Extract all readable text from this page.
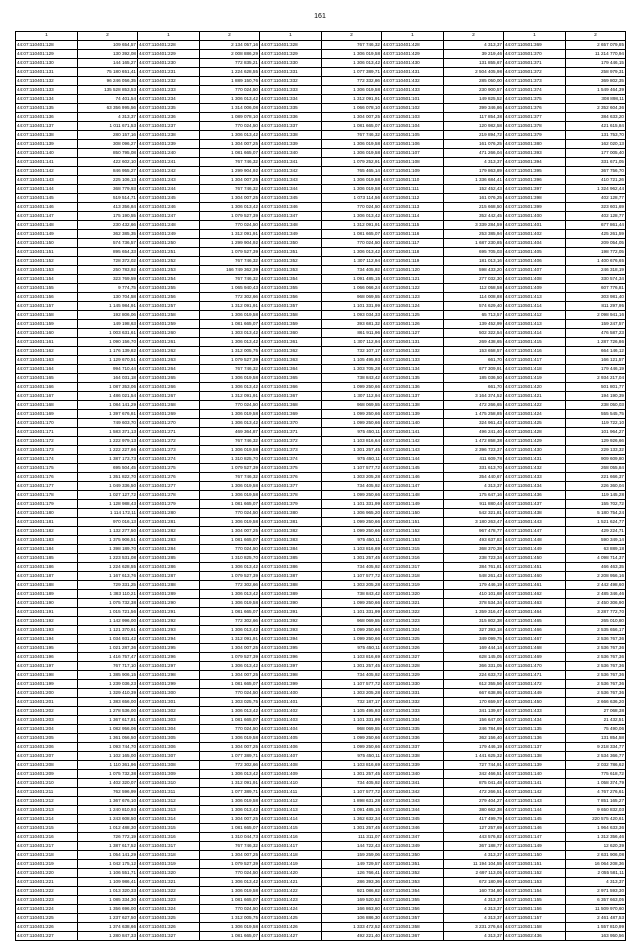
161
1	2	1	2	1	2	1	2	1	2
44:07:110401:128	109 654,57	44:07:110401:228	2 134 057,16	44:07:110401:328	767 746,32	44:07:110401:428	4 313,37	44:07:110501:369	2 657 079,85
44:07:110401:129	130 392,08	44:07:110401:229	2 008 886,29	44:07:110401:329	1 306 019,58	44:07:110401:429	39 219,46	44:07:110501:370	11 214 770,94
44:07:110401:130	144 165,27	44:07:110401:230	772 835,21	44:07:110401:330	1 306 013,42	44:07:110401:430	131 855,67	44:07:110501:371	179 446,15
44:07:110401:131	75 180 651,41	44:07:110401:231	1 224 628,55	44:07:110401:331	1 077 389,71	44:07:110401:431	2 504 405,98	44:07:110501:372	258 979,31
44:07:110401:132	96 246 056,35	44:07:110401:232	1 889 150,76	44:07:110401:332	772 332,86	44:07:110401:432	285 050,00	44:07:110501:373	369 802,35
44:07:110401:133	135 528 853,53	44:07:110401:233	770 024,50	44:07:110401:333	1 306 019,58	44:07:110401:433	230 900,57	44:07:110501:374	1 549 464,39
44:07:110401:134	74 401,54	44:07:110401:234	1 306 013,42	44:07:110401:334	1 312 091,91	44:07:110501:101	149 825,52	44:07:110501:375	308 898,11
44:07:110401:135	63 356 995,56	44:07:110401:235	1 314 006,08	44:07:110401:335	1 066 078,10	44:07:110501:102	399 346,86	44:07:110501:376	2 352 604,36
44:07:110401:136	4 313,37	44:07:110401:236	1 089 078,10	44:07:110401:336	1 304 007,25	44:07:110501:103	117 854,38	44:07:110501:377	384 633,20
44:07:110401:137	1 011 671,53	44:07:110401:237	770 024,50	44:07:110401:337	1 081 665,07	44:07:110501:104	120 982,58	44:07:110501:378	421 615,84
44:07:110401:138	280 157,16	44:07:110401:238	1 306 013,42	44:07:110401:338	767 746,32	44:07:110501:105	219 894,72	44:07:110501:379	131 753,70
44:07:110401:139	308 096,27	44:07:110401:239	1 304 007,25	44:07:110401:339	1 306 019,58	44:07:110501:106	161 076,25	44:07:110501:380	162 020,13
44:07:110401:140	850 795,08	44:07:110401:240	1 081 665,07	44:07:110401:340	1 306 019,58	44:07:110501:107	471 266,04	44:07:110501:393	177 005,40
44:07:110401:141	422 602,10	44:07:110401:241	767 746,32	44:07:110401:341	1 079 252,91	44:07:110501:108	4 313,37	44:07:110501:394	331 671,05
44:07:110401:142	846 955,27	44:07:110401:242	1 299 904,92	44:07:110401:342	765 465,14	44:07:110501:109	179 863,89	44:07:110501:395	367 756,70
44:07:110401:143	225 106,13	44:07:110401:243	1 304 007,25	44:07:110401:343	1 306 019,58	44:07:110501:110	1 336 684,41	44:07:110501:396	410 721,26
44:07:110401:144	368 779,93	44:07:110401:244	767 746,32	44:07:110401:344	1 306 019,58	44:07:110501:111	152 452,43	44:07:110501:397	1 324 962,44
44:07:110401:145	519 514,71	44:07:110401:245	1 304 007,25	44:07:110401:345	1 073 114,56	44:07:110501:112	161 076,25	44:07:110501:398	402 128,77
44:07:110401:146	413 356,84	44:07:110401:246	1 306 013,42	44:07:110401:346	770 024,50	44:07:110501:113	215 668,50	44:07:110501:399	323 601,69
44:07:110401:147	175 190,55	44:07:110401:247	1 079 527,39	44:07:110401:347	1 306 013,42	44:07:110501:114	352 442,45	44:07:110501:400	402 128,77
44:07:110401:148	230 432,66	44:07:110401:248	770 024,50	44:07:110401:348	1 312 091,91	44:07:110501:115	3 339 284,59	44:07:110501:401	677 861,44
44:07:110401:149	362 385,35	44:07:110401:249	1 312 091,91	44:07:110401:349	1 081 665,07	44:07:110501:116	253 385,94	44:07:110501:402	425 261,59
44:07:110401:150	574 736,57	44:07:110401:250	1 299 904,92	44:07:110401:350	770 024,50	44:07:110501:117	1 687 230,85	44:07:110501:404	209 054,05
44:07:110401:151	895 654,33	44:07:110401:251	1 079 527,39	44:07:110401:351	1 306 013,42	44:07:110501:118	695 705,03	44:07:110501:405	198 772,05
44:07:110401:152	728 372,02	44:07:110401:252	767 746,32	44:07:110401:352	1 307 112,94	44:07:110501:119	181 013,16	44:07:110501:406	1 400 676,65
44:07:110401:153	250 783,92	44:07:110401:253	166 749 362,39	44:07:110401:353	734 405,92	44:07:110501:120	598 433,20	44:07:110501:407	246 318,19
44:07:110401:154	323 769,59	44:07:110401:254	767 746,32	44:07:110401:354	1 091 485,15	44:07:110501:121	277 032,30	44:07:110501:408	330 574,34
44:07:110401:155	9 774,75	44:07:110401:255	1 065 940,43	44:07:110401:355	1 066 066,24	44:07:110501:122	112 058,58	44:07:110501:409	607 776,81
44:07:110401:156	130 704,58	44:07:110401:256	772 302,66	44:07:110401:356	968 069,55	44:07:110501:123	114 008,88	44:07:110501:413	303 981,40
44:07:110401:157	1 145 984,91	44:07:110401:257	1 312 091,91	44:07:110401:357	1 101 331,99	44:07:110501:124	574 629,40	44:07:110501:414	811 297,95
44:07:110401:158	192 806,06	44:07:110401:258	1 306 019,58	44:07:110401:358	1 093 034,33	44:07:110501:125	65 713,57	44:07:110501:412	2 098 941,16
44:07:110401:159	149 198,63	44:07:110401:259	1 081 665,07	44:07:110401:359	393 681,32	44:07:110501:126	139 452,99	44:07:110501:413	159 247,57
44:07:110401:160	1 003 631,61	44:07:110401:260	1 303 013,42	44:07:110401:360	861 911,96	44:07:110501:127	502 322,54	44:07:110501:414	476 587,23
44:07:110401:161	1 090 156,70	44:07:110401:261	1 306 013,42	44:07:110401:361	1 307 112,94	44:07:110501:131	269 438,65	44:07:110501:415	1 287 726,86
44:07:110401:162	1 176 139,82	44:07:110401:262	1 312 005,75	44:07:110401:362	732 107,17	44:07:110501:132	153 658,57	44:07:110501:416	664 146,12
44:07:110401:163	1 129 670,51	44:07:110401:263	1 079 527,39	44:07:110401:363	1 105 495,93	44:07:110501:133	661,70	44:07:110501:417	166 121,57
44:07:110401:164	994 710,44	44:07:110401:264	767 746,32	44:07:110401:364	1 303 705,28	44:07:110501:134	677 309,91	44:07:110501:418	179 446,19
44:07:110401:165	164 031,18	44:07:110401:265	1 306 019,58	44:07:110401:365	738 843,42	44:07:110501:135	185 036,50	44:07:110501:419	2 934 217,04
44:07:110401:166	1 087 353,06	44:07:110401:266	1 306 013,42	44:07:110401:366	1 099 250,66	44:07:110501:136	661,70	44:07:110501:420	501 801,77
44:07:110401:167	1 486 021,54	44:07:110401:267	1 312 091,91	44:07:110401:367	1 307 112,94	44:07:110501:137	3 164 374,52	44:07:110501:421	194 190,39
44:07:110401:168	1 084 141,29	44:07:110401:268	770 024,50	44:07:110401:368	968 069,55	44:07:110501:138	472 266,65	44:07:110501:422	238 050,03
44:07:110401:169	1 397 676,81	44:07:110401:269	1 306 019,58	44:07:110401:369	1 099 250,66	44:07:110501:139	1 475 258,85	44:07:110501:424	555 545,75
44:07:110401:170	749 603,70	44:07:110401:270	1 306 013,42	44:07:110401:370	1 099 250,66	44:07:110501:140	324 961,43	44:07:110501:425	119 722,10
44:07:110401:171	1 583 371,13	44:07:110401:271	469 364,87	44:07:110401:371	975 450,11	44:07:110501:141	496 241,40	44:07:110501:428	101 964,27
44:07:110401:172	1 222 979,13	44:07:110401:272	767 746,32	44:07:110401:372	1 103 816,64	44:07:110501:142	1 472 858,38	44:07:110501:429	129 926,66
44:07:110401:173	1 222 227,66	44:07:110401:273	1 306 019,58	44:07:110401:373	1 301 257,45	44:07:110501:143	2 396 723,37	44:07:110501:430	229 133,32
44:07:110401:174	1 387 173,73	44:07:110401:274	1 310 825,70	44:07:110401:374	975 450,11	44:07:110501:144	411 609,78	44:07:110501:431	909 609,80
44:07:110401:175	695 504,45	44:07:110401:275	1 079 527,39	44:07:110401:375	1 107 577,72	44:07:110501:145	331 613,70	44:07:110501:432	268 055,84
44:07:110401:176	1 351 822,70	44:07:110401:276	767 746,32	44:07:110401:376	1 303 205,28	44:07:110501:146	354 440,67	44:07:110501:433	221 666,37
44:07:110401:177	1 049 336,50	44:07:110401:277	1 306 019,58	44:07:110401:377	734 405,92	44:07:110501:147	4 313,37	44:07:110501:434	226 360,04
44:07:110401:178	1 027 127,72	44:07:110401:278	1 306 019,58	44:07:110401:378	1 099 250,66	44:07:110501:148	175 647,16	44:07:110501:436	119 145,28
44:07:110401:179	1 128 988,43	44:07:110401:279	1 081 665,07	44:07:110401:379	1 101 331,99	44:07:110501:149	911 880,44	44:07:110501:437	155 702,72
44:07:110401:180	1 114 172,11	44:07:110401:280	770 024,50	44:07:110401:380	1 306 965,20	44:07:110501:150	542 321,81	44:07:110501:438	5 180 754,24
44:07:110401:181	970 016,13	44:07:110401:281	1 306 019,58	44:07:110401:381	1 099 250,66	44:07:110501:151	3 180 263,47	44:07:110501:443	1 521 624,77
44:07:110401:182	1 132 277,50	44:07:110401:282	1 304 007,25	44:07:110401:382	1 099 250,66	44:07:110501:152	967 478,77	44:07:110501:447	429 224,71
44:07:110401:183	1 375 906,51	44:07:110401:283	1 081 665,07	44:07:110401:383	975 450,11	44:07:110501:153	493 637,82	44:07:110501:448	590 349,14
44:07:110401:184	1 398 189,70	44:07:110401:284	770 024,50	44:07:110401:384	1 103 816,69	44:07:110501:315	368 370,38	44:07:110501:449	63 889,18
44:07:110401:185	1 223 531,08	44:07:110401:285	1 310 825,70	44:07:110401:385	1 301 257,45	44:07:110501:316	238 723,34	44:07:110501:450	4 098 714,37
44:07:110401:186	1 224 628,55	44:07:110401:286	1 306 013,42	44:07:110401:386	734 405,92	44:07:110501:317	384 761,81	44:07:110501:451	466 463,35
44:07:110401:187	1 167 613,76	44:07:110401:287	1 079 527,39	44:07:110401:387	1 107 577,72	44:07:110501:318	548 261,43	44:07:110501:460	2 208 956,16
44:07:110401:188	729 331,25	44:07:110401:288	772 302,66	44:07:110401:388	1 303 205,28	44:07:110501:319	179 446,19	44:07:110501:461	2 442 498,60
44:07:110401:189	1 383 110,21	44:07:110401:289	1 306 013,42	44:07:110401:389	738 843,42	44:07:110501:320	410 101,68	44:07:110501:462	2 485 346,46
44:07:110401:190	1 075 732,38	44:07:110401:290	1 306 019,58	44:07:110401:390	1 099 250,66	44:07:110501:321	378 534,34	44:07:110501:463	2 450 306,90
44:07:110401:191	1 015 721,56	44:07:110401:291	1 081 665,07	44:07:110401:391	1 101 331,99	44:07:110501:322	1 359 316,47	44:07:110501:464	3 287 772,70
44:07:110401:192	1 142 996,00	44:07:110401:292	772 302,66	44:07:110401:392	968 069,55	44:07:110501:323	315 802,38	44:07:110501:465	265 010,80
44:07:110401:193	1 121 370,61	44:07:110401:293	1 306 013,42	44:07:110401:393	1 099 250,66	44:07:110501:324	327 393,18	44:07:110501:466	2 535 656,17
44:07:110401:194	1 034 931,42	44:07:110401:294	1 312 091,91	44:07:110401:394	1 099 250,66	44:07:110501:325	349 099,75	44:07:110501:467	2 536 767,36
44:07:110401:195	1 021 287,36	44:07:110401:295	1 304 007,25	44:07:110401:395	975 450,11	44:07:110501:326	169 444,14	44:07:110501:468	2 536 767,36
44:07:110401:196	1 416 757,47	44:07:110401:296	1 079 527,39	44:07:110401:396	1 103 816,69	44:07:110501:327	628 145,05	44:07:110501:469	2 536 767,36
44:07:110401:197	767 717,10	44:07:110401:297	1 306 013,42	44:07:110401:397	1 301 257,45	44:07:110501:328	366 331,05	44:07:110501:470	2 536 767,36
44:07:110401:198	1 385 906,15	44:07:110401:298	1 304 007,25	44:07:110401:398	734 405,92	44:07:110501:329	224 633,72	44:07:110501:471	2 536 767,36
44:07:110401:199	1 239 036,23	44:07:110401:299	1 081 665,07	44:07:110401:399	1 107 577,72	44:07:110501:330	612 355,56	44:07:110501:472	2 536 767,36
44:07:110401:200	1 329 410,39	44:07:110401:300	770 024,50	44:07:110401:400	1 303 205,28	44:07:110501:331	667 638,95	44:07:110501:449	2 536 767,36
44:07:110401:201	1 383 656,00	44:07:110401:301	1 303 025,75	44:07:110401:401	732 187,17	44:07:110501:332	170 659,57	44:07:110501:450	2 666 636,20
44:07:110401:202	1 278 536,00	44:07:110401:302	1 306 013,42	44:07:110401:402	1 105 495,93	44:07:110501:333	341 139,67	44:07:110501:433	27 068,38
44:07:110401:203	1 367 617,81	44:07:110401:303	1 081 665,07	44:07:110401:403	1 101 331,99	44:07:110501:334	156 647,00	44:07:110501:434	21 432,51
44:07:110401:204	1 082 956,06	44:07:110401:304	770 024,50	44:07:110401:404	968 069,55	44:07:110501:335	246 784,69	44:07:110501:135	75 490,06
44:07:110401:205	1 361 056,50	44:07:110401:305	1 306 019,58	44:07:110401:405	1 099 250,66	44:07:110501:336	362 156,40	44:07:110501:136	131 854,58
44:07:110401:206	1 093 744,70	44:07:110401:306	1 304 007,25	44:07:110401:406	1 099 250,66	44:07:110501:337	179 446,19	44:07:110501:137	9 218 334,77
44:07:110401:207	1 102 165,00	44:07:110401:307	1 077 389,71	44:07:110401:407	975 450,11	44:07:110501:338	1 441 625,32	44:07:110501:138	2 534 366,77
44:07:110401:208	1 110 361,96	44:07:110401:308	772 302,66	44:07:110401:408	1 103 816,69	44:07:110501:339	727 744,91	44:07:110501:139	2 032 786,62
44:07:110401:209	1 075 732,38	44:07:110401:309	1 306 013,42	44:07:110401:409	1 301 257,45	44:07:110501:340	342 466,51	44:07:110501:140	775 618,72
44:07:110401:210	1 402 320,07	44:07:110401:310	1 312 091,91	44:07:110401:410	734 405,92	44:07:110501:341	875 041,48	44:07:110501:141	1 058 374,79
44:07:110401:211	762 596,99	44:07:110401:311	1 077 389,71	44:07:110401:411	1 107 577,72	44:07:110501:342	472 266,51	44:07:110501:142	4 767 276,61
44:07:110401:212	1 367 676,10	44:07:110401:312	1 306 019,58	44:07:110401:412	1 898 631,28	44:07:110501:343	279 404,27	44:07:110501:143	7 851 165,27
44:07:110401:213	1 240 810,93	44:07:110401:313	1 306 013,42	44:07:110401:413	1 091 485,15	44:07:110501:344	380 662,38	44:07:110501:144	9 650 832,03
44:07:110401:214	1 243 608,50	44:07:110401:314	1 304 007,25	44:07:110401:414	1 362 632,34	44:07:110501:345	417 499,79	44:07:110501:145	220 575 420,61
44:07:110401:215	1 012 488,30	44:07:110401:315	1 081 665,07	44:07:110401:415	1 301 257,45	44:07:110501:346	127 257,69	44:07:110501:146	1 964 633,36
44:07:110401:216	726 772,19	44:07:110401:316	1 310 044,73	44:07:110401:416	111 311,07	44:07:110501:347	443 576,82	44:07:110501:147	1 312 356,46
44:07:110401:217	1 387 617,52	44:07:110401:317	767 746,32	44:07:110401:417	144 722,43	44:07:110501:349	367 188,77	44:07:110501:149	12 620,39
44:07:110401:218	1 054 141,29	44:07:110401:318	1 304 007,25	44:07:110401:418	159 259,06	44:07:110501:350	4 313,37	44:07:110501:150	2 631 906,08
44:07:110401:219	1 042 175,12	44:07:110401:319	1 079 527,39	44:07:110401:419	149 729,57	44:07:110501:351	11 194 104,55	44:07:110501:151	16 064 208,36
44:07:110401:220	1 106 551,71	44:07:110401:320	770 024,50	44:07:110401:420	126 766,41	44:07:110501:352	2 697 113,05	44:07:110501:152	2 055 581,11
44:07:110401:221	1 109 986,41	44:07:110401:321	1 306 013,42	44:07:110401:421	286 393,36	44:07:110501:353	672 180,99	44:07:110501:153	4 313,37
44:07:110401:222	1 013 320,33	44:07:110401:322	1 306 019,58	44:07:110401:422	921 086,82	44:07:110501:354	160 734,80	44:07:110501:154	2 971 593,30
44:07:110401:223	1 085 334,30	44:07:110401:323	1 081 665,07	44:07:110401:423	169 520,52	44:07:110501:355	4 313,37	44:07:110501:155	6 357 663,05
44:07:110401:224	1 356 696,00	44:07:110401:324	770 024,50	44:07:110401:424	166 863,60	44:07:110501:356	4 313,37	44:07:110501:156	11 509 970,60
44:07:110401:225	1 237 627,50	44:07:110401:325	1 312 005,75	44:07:110401:425	106 886,30	44:07:110501:357	4 313,37	44:07:110501:157	2 461 487,53
44:07:110401:226	1 374 638,66	44:07:110401:326	1 306 019,58	44:07:110401:426	1 333 472,52	44:07:110501:358	3 231 276,64	44:07:110501:158	1 557 810,99
44:07:110401:227	1 280 847,33	44:07:110401:327	1 081 665,07	44:07:110401:427	492 221,40	44:07:110501:367	4 313,37	44:07:110502:436	163 950,56
